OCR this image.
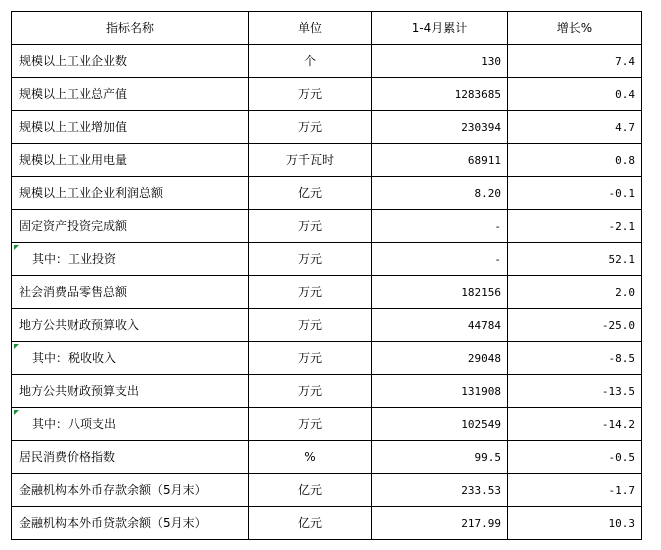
指标名称	单位	1-4月累计	增长%
规模以上工业企业数	个	130	7.4
规模以上工业总产值	万元	1283685	0.4
规模以上工业增加值	万元	230394	4.7
规模以上工业用电量	万千瓦时	68911	0.8
规模以上工业企业利润总额	亿元	8.20	-0.1
固定资产投资完成额	万元	-	-2.1

其中：工业投资	万元	-	52.1
社会消费品零售总额	万元	182156	2.0
地方公共财政预算收入	万元	44784	-25.0

其中：税收收入	万元	29048	-8.5
地方公共财政预算支出	万元	131908	-13.5

其中：八项支出	万元	102549	-14.2
居民消费价格指数	%	99.5	-0.5
金融机构本外币存款余额（5月末）	亿元	233.53	-1.7
金融机构本外币贷款余额（5月末）	亿元	217.99	10.3
